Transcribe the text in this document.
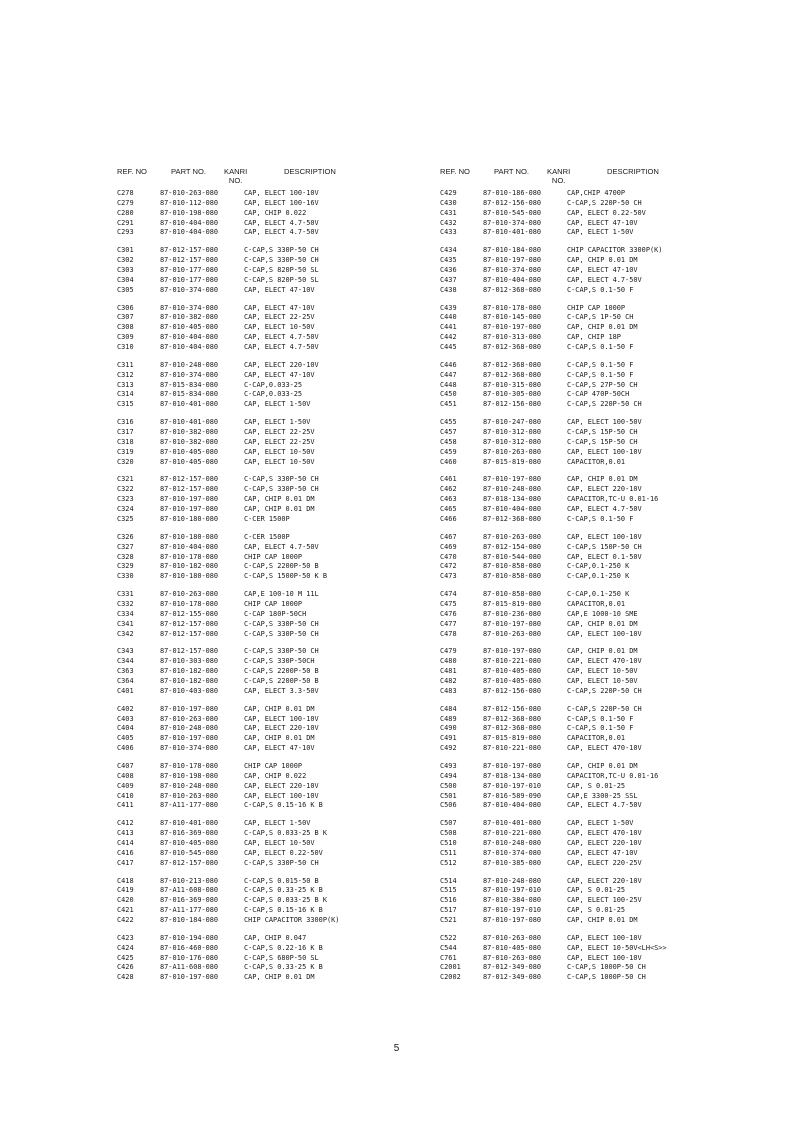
REF. NO	PART NO. KANRI
NO.
DESCRIPTION
C278	87-010-263-080	CAP, ELECT 100-10V
C279	87-010-112-080	CAP, ELECT 100-16V
C280	87-010-198-080	CAP, CHIP 0.022
C291	87-010-404-080	CAP, ELECT 4.7-50V
C293	87-010-404-080	CAP, ELECT 4.7-50V
C301	87-012-157-080	C-CAP,S 330P-50 CH
C302	87-012-157-080	C-CAP,S 330P-50 CH
C303	87-010-177-080	C-CAP,S 820P-50 SL
C304	87-010-177-080	C-CAP,S 820P-50 SL
C305	87-010-374-080	CAP, ELECT 47-10V
C306	87-010-374-080	CAP, ELECT 47-10V
C307	87-010-382-080	CAP, ELECT 22-25V
C308	87-010-405-080	CAP, ELECT 10-50V
C309	87-010-404-080	CAP, ELECT 4.7-50V
C310	87-010-404-080	CAP, ELECT 4.7-50V
C311	87-010-248-080	CAP, ELECT 220-10V
C312	87-010-374-080	CAP, ELECT 47-10V
C313	87-015-834-080	C-CAP,0.033-25
C314	87-015-834-080	C-CAP,0.033-25
C315	87-010-401-080	CAP, ELECT 1-50V
C316	87-010-401-080	CAP, ELECT 1-50V
C317	87-010-382-080	CAP, ELECT 22-25V
C318	87-010-382-080	CAP, ELECT 22-25V
C319	87-010-405-080	CAP, ELECT 10-50V
C320	87-010-405-080	CAP, ELECT 10-50V
C321	87-012-157-080	C-CAP,S 330P-50 CH
C322	87-012-157-080	C-CAP,S 330P-50 CH
C323	87-010-197-080	CAP, CHIP 0.01 DM
C324	87-010-197-080	CAP, CHIP 0.01 DM
C325	87-010-180-080	C-CER 1500P
C326	87-010-180-080	C-CER 1500P
C327	87-010-404-080	CAP, ELECT 4.7-50V
C328	87-010-178-080	CHIP CAP 1000P
C329	87-010-182-080	C-CAP,S 2200P-50 B
C330	87-010-180-080	C-CAP,S 1500P-50 K B
C331	87-010-263-080	CAP,E 100-10 M 11L
C332	87-010-178-080	CHIP CAP 1000P
C334	87-012-155-080	C-CAP 180P-50CH
C341	87-012-157-080	C-CAP,S 330P-50 CH
C342	87-012-157-080	C-CAP,S 330P-50 CH
C343	87-012-157-080	C-CAP,S 330P-50 CH
C344	87-010-303-080	C-CAP,S 330P-50CH
C363	87-010-182-080	C-CAP,S 2200P-50 B
C364	87-010-182-080	C-CAP,S 2200P-50 B
C401	87-010-403-080	CAP, ELECT 3.3-50V
C402	87-010-197-080	CAP, CHIP 0.01 DM
C403	87-010-263-080	CAP, ELECT 100-10V
C404	87-010-248-080	CAP, ELECT 220-10V
C405	87-010-197-080	CAP, CHIP 0.01 DM
C406	87-010-374-080	CAP, ELECT 47-10V
C407	87-010-178-080	CHIP CAP 1000P
C408	87-010-198-080	CAP, CHIP 0.022
C409	87-010-248-080	CAP, ELECT 220-10V
C410	87-010-263-080	CAP, ELECT 100-10V
C411	87-A11-177-080	C-CAP,S 0.15-16 K B
C412	87-010-401-080	CAP, ELECT 1-50V
C413	87-016-369-080	C-CAP,S 0.033-25 B K
C414	87-010-405-080	CAP, ELECT 10-50V
C416	87-010-545-080	CAP, ELECT 0.22-50V
C417	87-012-157-080	C-CAP,S 330P-50 CH
C418	87-010-213-080	C-CAP,S 0.015-50 B
C419	87-A11-608-080	C-CAP,S 0.33-25 K B
C420	87-016-369-080	C-CAP,S 0.033-25 B K
C421	87-A11-177-080	C-CAP,S 0.15-16 K B
C422	87-010-184-080	CHIP CAPACITOR 3300P(K)
C423	87-010-194-080	CAP, CHIP 0.047
C424	87-016-460-080	C-CAP,S 0.22-16 K B
C425	87-010-176-080	C-CAP,S 680P-50 SL
C426	87-A11-608-080	C-CAP,S 0.33-25 K B
C428	87-010-197-080	CAP, CHIP 0.01 DM
REF. NO	PART NO. KANRI
NO.
DESCRIPTION
C429	87-010-186-080	CAP,CHIP 4700P
C430	87-012-156-080	C-CAP,S 220P-50 CH
C431	87-010-545-080	CAP, ELECT 0.22-50V
C432	87-010-374-080	CAP, ELECT 47-10V
C433	87-010-401-080	CAP, ELECT 1-50V
C434	87-010-184-080	CHIP CAPACITOR 3300P(K)
C435	87-010-197-080	CAP, CHIP 0.01 DM
C436	87-010-374-080	CAP, ELECT 47-10V
C437	87-010-404-080	CAP, ELECT 4.7-50V
C438	87-012-368-080	C-CAP,S 0.1-50 F
C439	87-010-178-080	CHIP CAP 1000P
C440	87-010-145-080	C-CAP,S 1P-50 CH
C441	87-010-197-080	CAP, CHIP 0.01 DM
C442	87-010-313-080	CAP, CHIP 18P
C445	87-012-368-080	C-CAP,S 0.1-50 F
C446	87-012-368-080	C-CAP,S 0.1-50 F
C447	87-012-368-080	C-CAP,S 0.1-50 F
C448	87-010-315-080	C-CAP,S 27P-50 CH
C450	87-010-305-080	C-CAP 470P-50CH
C451	87-012-156-080	C-CAP,S 220P-50 CH
C455	87-010-247-080	CAP, ELECT 100-50V
C457	87-010-312-080	C-CAP,S 15P-50 CH
C458	87-010-312-080	C-CAP,S 15P-50 CH
C459	87-010-263-080	CAP, ELECT 100-10V
C460	87-015-819-080	CAPACITOR,0.01
C461	87-010-197-080	CAP, CHIP 0.01 DM
C462	87-010-248-080	CAP, ELECT 220-10V
C463	87-018-134-080	CAPACITOR,TC-U 0.01-16
C465	87-010-404-080	CAP, ELECT 4.7-50V
C466	87-012-368-080	C-CAP,S 0.1-50 F
C467	87-010-263-080	CAP, ELECT 100-10V
C469	87-012-154-080	C-CAP,S 150P-50 CH
C470	87-010-544-080	CAP, ELECT 0.1-50V
C472	87-010-858-080	C-CAP,0.1-250 K
C473	87-010-858-080	C-CAP,0.1-250 K
C474	87-010-858-080	C-CAP,0.1-250 K
C475	87-015-819-080	CAPACITOR,0.01
C476	87-010-236-080	CAP,E 1000-10 SME
C477	87-010-197-080	CAP, CHIP 0.01 DM
C478	87-010-263-080	CAP, ELECT 100-10V
C479	87-010-197-080	CAP, CHIP 0.01 DM
C480	87-010-221-080	CAP, ELECT 470-10V
C481	87-010-405-080	CAP, ELECT 10-50V
C482	87-010-405-080	CAP, ELECT 10-50V
C483	87-012-156-080	C-CAP,S 220P-50 CH
C484	87-012-156-080	C-CAP,S 220P-50 CH
C489	87-012-368-080	C-CAP,S 0.1-50 F
C490	87-012-368-080	C-CAP,S 0.1-50 F
C491	87-015-819-080	CAPACITOR,0.01
C492	87-010-221-080	CAP, ELECT 470-10V
C493	87-010-197-080	CAP, CHIP 0.01 DM
C494	87-018-134-080	CAPACITOR,TC-U 0.01-16
C500	87-010-197-010	CAP, S 0.01-25
C501	87-016-589-090	CAP,E 3300-25 SSL
C506	87-010-404-080	CAP, ELECT 4.7-50V
C507	87-010-401-080	CAP, ELECT 1-50V
C508	87-010-221-080	CAP, ELECT 470-10V
C510	87-010-248-080	CAP, ELECT 220-10V
C511	87-010-374-080	CAP, ELECT 47-10V
C512	87-010-385-080	CAP, ELECT 220-25V
C514	87-010-248-080	CAP, ELECT 220-10V
C515	87-010-197-010	CAP, S 0.01-25
C516	87-010-384-080	CAP, ELECT 100-25V
C517	87-010-197-010	CAP, S 0.01-25
C521	87-010-197-080	CAP, CHIP 0.01 DM
C522	87-010-263-080	CAP, ELECT 100-10V
C544	87-010-405-080	CAP, ELECT 10-50V<LH<S>>
C761	87-010-263-080	CAP, ELECT 100-10V
C2001	87-012-349-080	C-CAP,S 1000P-50 CH
C2002	87-012-349-080	C-CAP,S 1000P-50 CH
5
